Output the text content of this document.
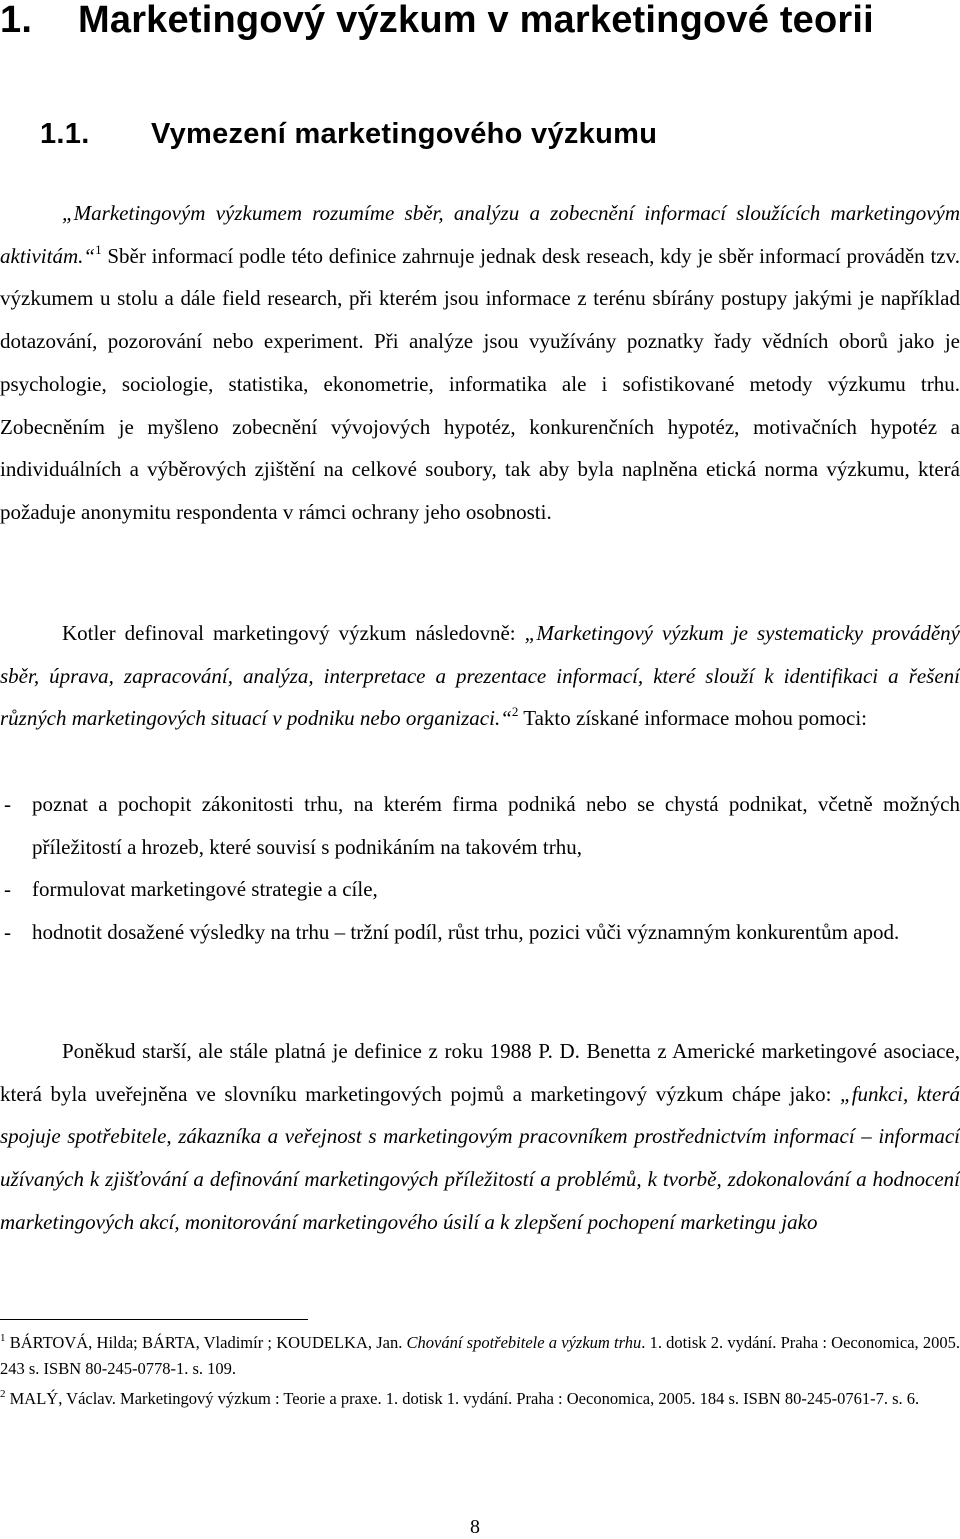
1. Marketingový výzkum v marketingové teorii
1.1. Vymezení marketingového výzkumu

„Marketingovým výzkumem rozumíme sběr, analýzu a zobecnění informací sloužících marketingovým aktivitám.“$^1$ Sběr informací podle této definice zahrnuje jednak desk reseach, kdy je sběr informací prováděn tzv. výzkumem u stolu a dále field research, při kterém jsou informace z terénu sbírány postupy jakými je například dotazování, pozorování nebo experiment. Při analýze jsou využívány poznatky řady vědních oborů jako je psychologie, sociologie, statistika, ekonometrie, informatika ale i sofistikované metody výzkumu trhu. Zobecněním je myšleno zobecnění vývojových hypotéz, konkurenčních hypotéz, motivačních hypotéz a individuálních a výběrových zjištění na celkové soubory, tak aby byla naplněna etická norma výzkumu, která požaduje anonymitu respondenta v rámci ochrany jeho osobnosti.

Kotler definoval marketingový výzkum následovně: „Marketingový výzkum je systematicky prováděný sběr, úprava, zapracování, analýza, interpretace a prezentace informací, které slouží k identifikaci a řešení různých marketingových situací v podniku nebo organizaci.“$^2$ Takto získané informace mohou pomoci:

- poznat a pochopit zákonitosti trhu, na kterém firma podniká nebo se chystá podnikat, včetně možných příležitostí a hrozeb, které souvisí s podnikáním na takovém trhu,
- formulovat marketingové strategie a cíle,
- hodnotit dosažené výsledky na trhu – tržní podíl, růst trhu, pozici vůči významným konkurentům apod.

Poněkud starší, ale stále platná je definice z roku 1988 P. D. Benetta z Americké marketingové asociace, která byla uveřejněna ve slovníku marketingových pojmů a marketingový výzkum chápe jako: „funkci, která spojuje spotřebitele, zákazníka a veřejnost s marketingovým pracovníkem prostřednictvím informací – informací užívaných k zjišťování a definování marketingových příležitostí a problémů, k tvorbě, zdokonalování a hodnocení marketingových akcí, monitorování marketingového úsilí a k zlepšení pochopení marketingu jako

$^1$ BÁRTOVÁ, Hilda; BÁRTA, Vladimír ; KOUDELKA, Jan. Chování spotřebitele a výzkum trhu. 1. dotisk 2. vydání. Praha : Oeconomica, 2005. 243 s. ISBN 80-245-0778-1. s. 109.

$^2$ MALÝ, Václav. Marketingový výzkum : Teorie a praxe. 1. dotisk 1. vydání. Praha : Oeconomica, 2005. 184 s. ISBN 80-245-0761-7. s. 6.

8
